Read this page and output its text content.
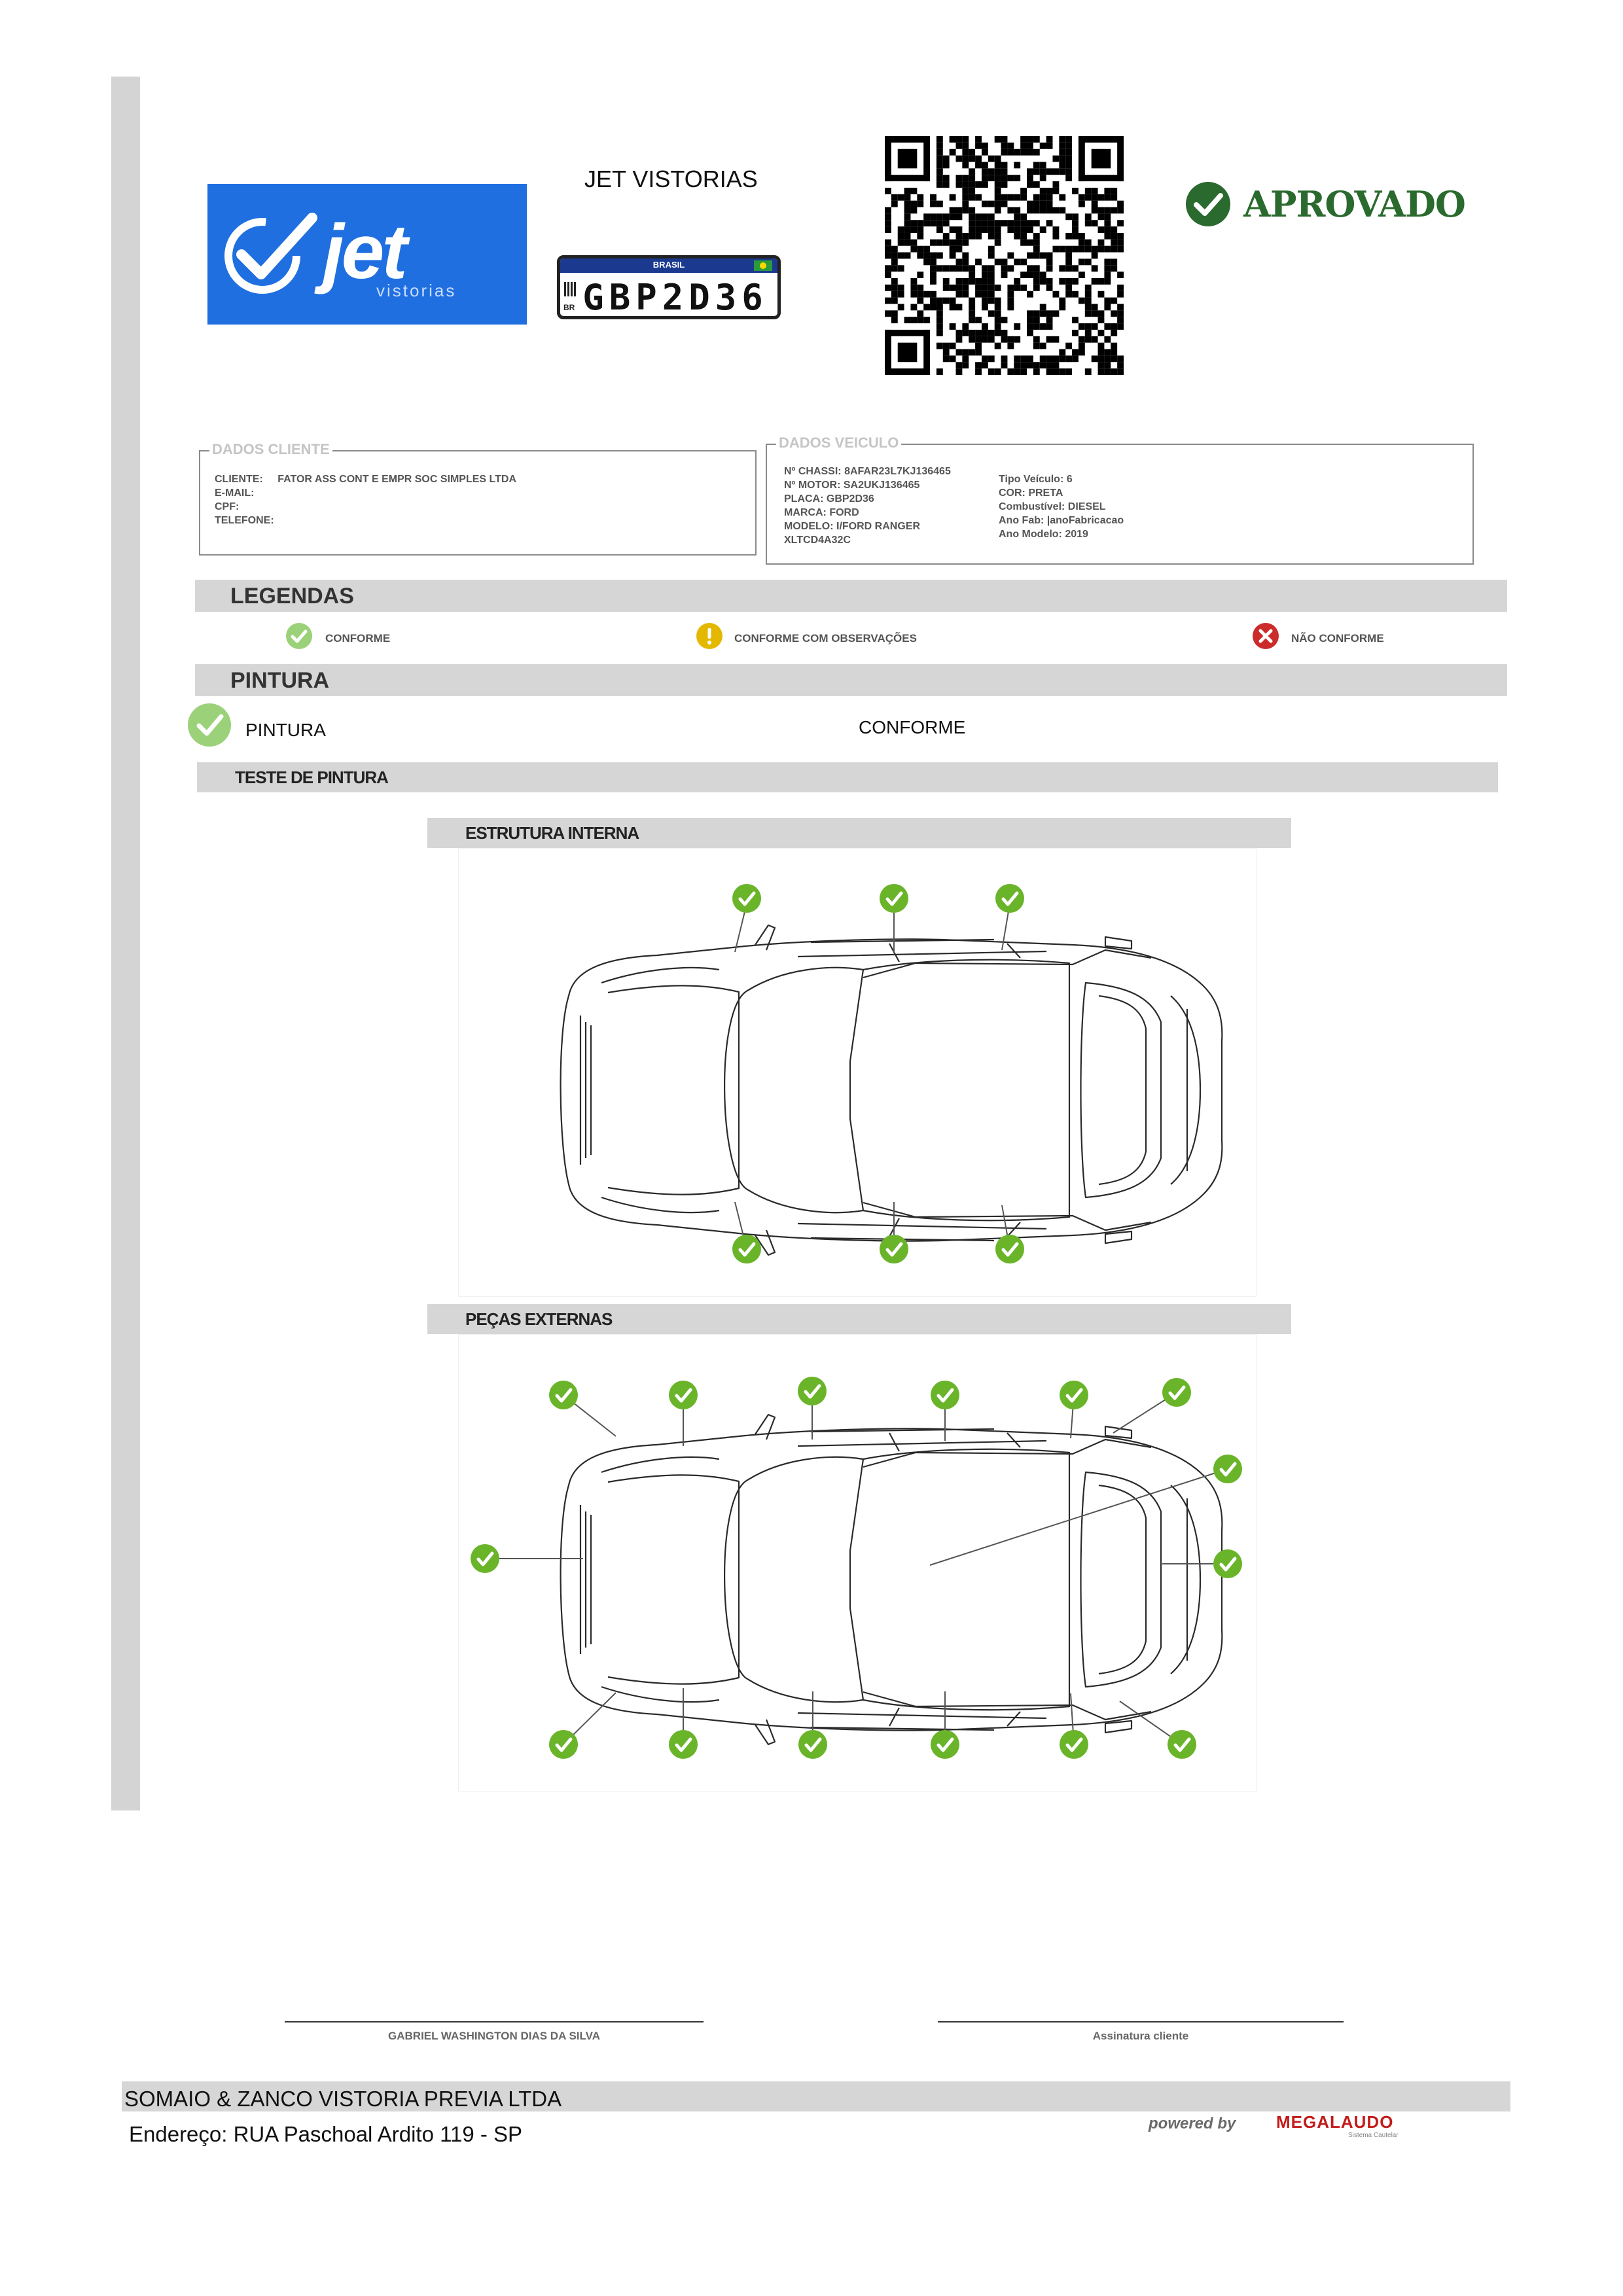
jet
vistorias
JET VISTORIAS
BRASIL
BR GBP2D36
APROVADO
DADOS CLIENTE
CLIENTE: FATOR ASS CONT E EMPR SOC SIMPLES LTDA
E-MAIL:
CPF:
TELEFONE:
DADOS VEICULO
Nº CHASSI: 8AFAR23L7KJ136465
Nº MOTOR: SA2UKJ136465
PLACA: GBP2D36
MARCA: FORD
MODELO: I/FORD RANGER
XLTCD4A32C
Tipo Veículo: 6
COR: PRETA
Combustível: DIESEL
Ano Fab: |anoFabricacao
Ano Modelo: 2019
LEGENDAS
CONFORME	CONFORME COM OBSERVAÇÕES	NÃO CONFORME
PINTURA
PINTURA	CONFORME
TESTE DE PINTURA
ESTRUTURA INTERNA
PEÇAS EXTERNAS
GABRIEL WASHINGTON DIAS DA SILVA	Assinatura cliente
SOMAIO & ZANCO VISTORIA PREVIA LTDA
Endereço: RUA Paschoal Ardito 119 - SP	powered by MEGALAUDO
Sistema Cautelar
